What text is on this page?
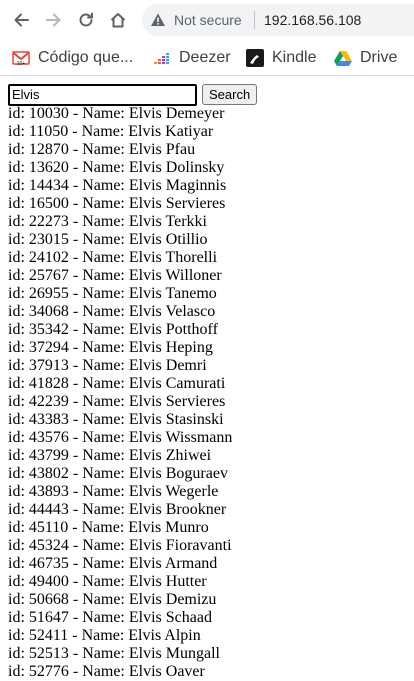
Not secure 192.168.56.108
10+ Código que...	Deezer	Kindle	Drive
Elvis
Search
id: 10030 - Name: Elvis Demeyer
id: 11050 - Name: Elvis Katiyar
id: 12870 - Name: Elvis Pfau
id: 13620 - Name: Elvis Dolinsky
id: 14434 - Name: Elvis Maginnis
id: 16500 - Name: Elvis Servieres
id: 22273 - Name: Elvis Terkki
id: 23015 - Name: Elvis Otillio
id: 24102 - Name: Elvis Thorelli
id: 25767 - Name: Elvis Willoner
id: 26955 - Name: Elvis Tanemo
id: 34068 - Name: Elvis Velasco
id: 35342 - Name: Elvis Potthoff
id: 37294 - Name: Elvis Heping
id: 37913 - Name: Elvis Demri
id: 41828 - Name: Elvis Camurati
id: 42239 - Name: Elvis Servieres
id: 43383 - Name: Elvis Stasinski
id: 43576 - Name: Elvis Wissmann
id: 43799 - Name: Elvis Zhiwei
id: 43802 - Name: Elvis Boguraev
id: 43893 - Name: Elvis Wegerle
id: 44443 - Name: Elvis Brookner
id: 45110 - Name: Elvis Munro
id: 45324 - Name: Elvis Fioravanti
id: 46735 - Name: Elvis Armand
id: 49400 - Name: Elvis Hutter
id: 50668 - Name: Elvis Demizu
id: 51647 - Name: Elvis Schaad
id: 52411 - Name: Elvis Alpin
id: 52513 - Name: Elvis Mungall
id: 52776 - Name: Elvis Oaver
